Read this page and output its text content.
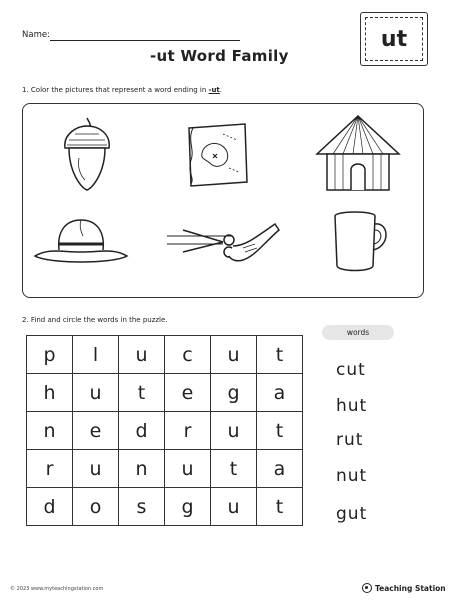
Name:
-ut Word Family
ut
1. Color the pictures that represent a word ending in -ut.
2. Find and circle the words in the puzzle.
p	l	u	c	u	t
h	u	t	e	g	a
n	e	d	r	u	t
r	u	n	u	t	a
d	o	s	g	u	t
words
cut
hut
rut
nut
gut
© 2023 www.myteachingstation.com	Teaching Station
